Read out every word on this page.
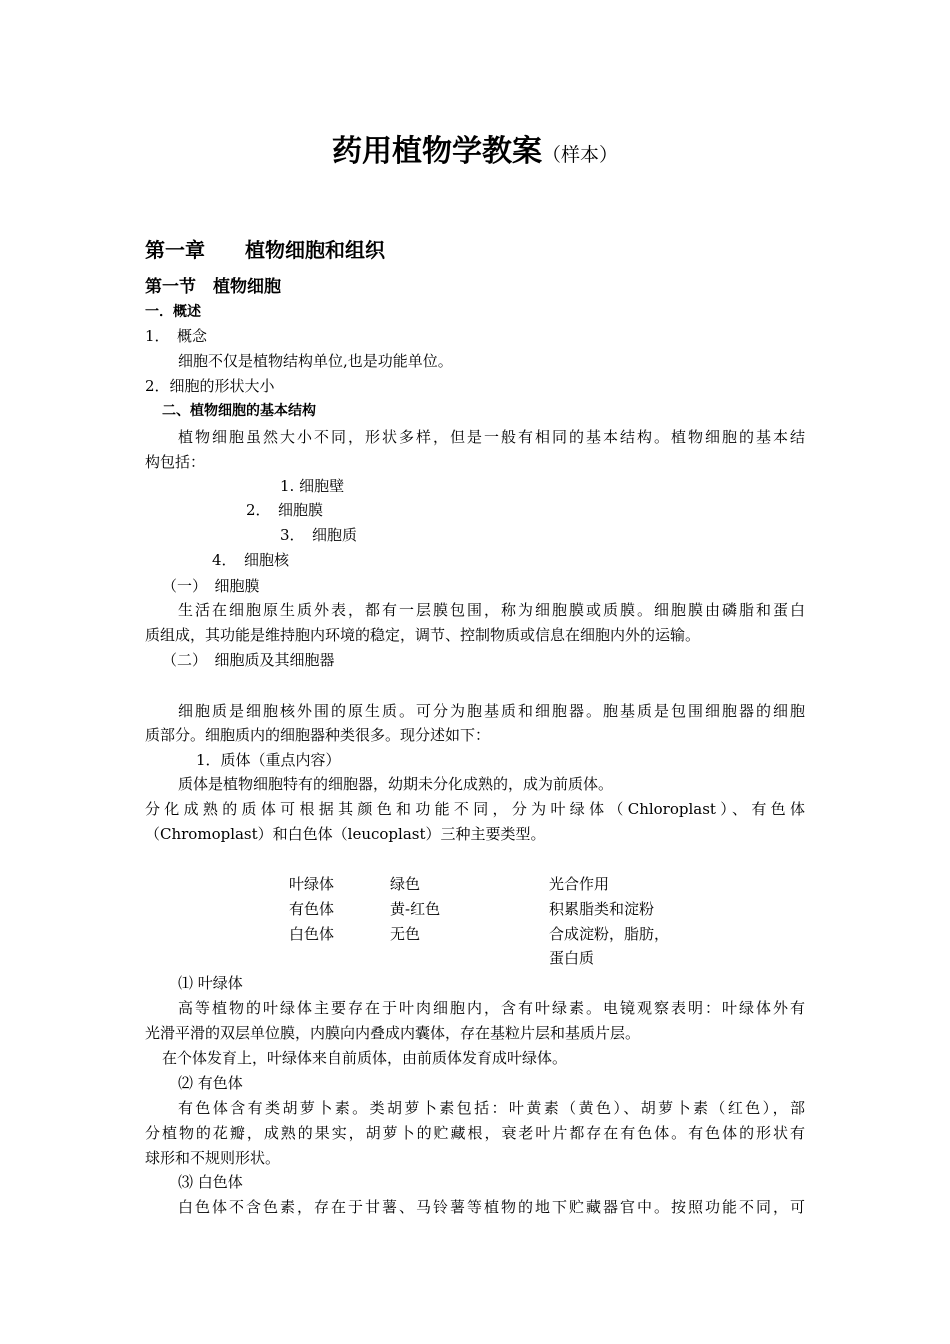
药用植物学教案（样本）
第一章　　植物细胞和组织
第一节　植物细胞
一．概述
1．　概念
细胞不仅是植物结构单位,也是功能单位。
2．细胞的形状大小
二、植物细胞的基本结构
植物细胞虽然大小不同，形状多样，但是一般有相同的基本结构。植物细胞的基本结
构包括：
1. 细胞壁
2．　细胞膜
3．　细胞质
4．　细胞核
（一）　细胞膜
生活在细胞原生质外表，都有一层膜包围，称为细胞膜或质膜。细胞膜由磷脂和蛋白
质组成，其功能是维持胞内环境的稳定，调节、控制物质或信息在细胞内外的运输。
（二）　细胞质及其细胞器
细胞质是细胞核外围的原生质。可分为胞基质和细胞器。胞基质是包围细胞器的细胞
质部分。细胞质内的细胞器种类很多。现分述如下：
1．质体（重点内容）
质体是植物细胞特有的细胞器，幼期未分化成熟的，成为前质体。
分化成熟的质体可根据其颜色和功能不同，分为叶绿体（Chloroplast）、有色体
（Chromoplast）和白色体（leucoplast）三种主要类型。
叶绿体	绿色	光合作用
有色体	黄-红色	积累脂类和淀粉
白色体	无色	合成淀粉，脂肪，
蛋白质
⑴ 叶绿体
高等植物的叶绿体主要存在于叶肉细胞内，含有叶绿素。电镜观察表明：叶绿体外有
光滑平滑的双层单位膜，内膜向内叠成内囊体，存在基粒片层和基质片层。
在个体发育上，叶绿体来自前质体，由前质体发育成叶绿体。
⑵ 有色体
有色体含有类胡萝卜素。类胡萝卜素包括：叶黄素（黄色）、胡萝卜素（红色），部
分植物的花瓣，成熟的果实，胡萝卜的贮藏根，衰老叶片都存在有色体。有色体的形状有
球形和不规则形状。
⑶ 白色体
白色体不含色素，存在于甘薯、马铃薯等植物的地下贮藏器官中。按照功能不同，可
